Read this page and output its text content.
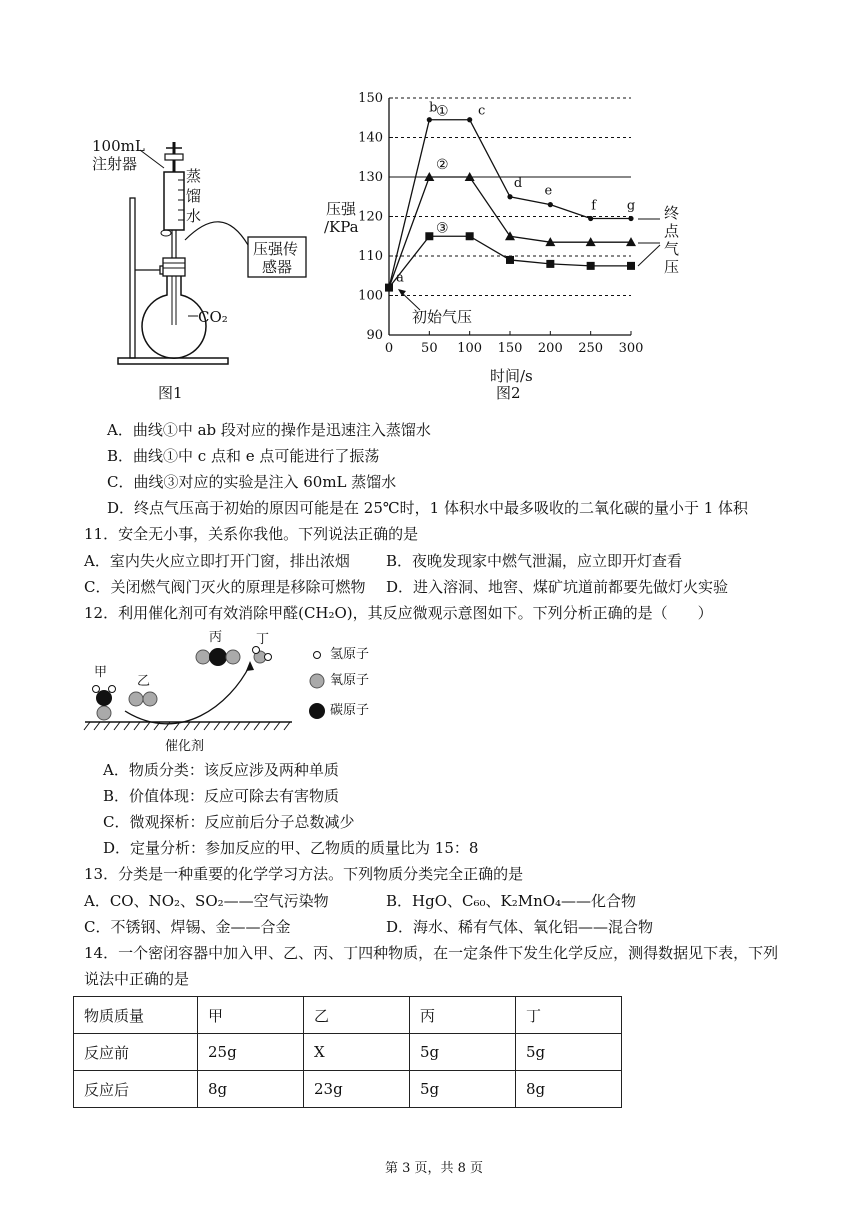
100mL
注射器
蒸
馏
水
压强传
感器
CO₂
图1
90
100
110
120
130
140
150
0 50 100 150 200 250 300
a
b	c
d
e
f g
①
②
③
压强
/KPa
时间/s
图2
初始气压
终
点
气
压
A．曲线①中 ab 段对应的操作是迅速注入蒸馏水
B．曲线①中 c 点和 e 点可能进行了振荡
C．曲线③对应的实验是注入 60mL 蒸馏水
D．终点气压高于初始的原因可能是在 25℃时，1 体积水中最多吸收的二氧化碳的量小于 1 体积
11．安全无小事，关系你我他。下列说法正确的是
A．室内失火应立即打开门窗，排出浓烟 B．夜晚发现家中燃气泄漏，应立即开灯查看
C．关闭燃气阀门灭火的原理是移除可燃物 D．进入溶洞、地窖、煤矿坑道前都要先做灯火实验
12．利用催化剂可有效消除甲醛(CH₂O)，其反应微观示意图如下。下列分析正确的是（　　）
甲
乙
丙	丁
催化剂
氢原子
氧原子
碳原子
A．物质分类：该反应涉及两种单质
B．价值体现：反应可除去有害物质
C．微观探析：反应前后分子总数减少
D．定量分析：参加反应的甲、乙物质的质量比为 15：8
13．分类是一种重要的化学学习方法。下列物质分类完全正确的是
A．CO、NO₂、SO₂——空气污染物	B．HgO、C₆₀、K₂MnO₄——化合物
C．不锈钢、焊锡、金——合金	D．海水、稀有气体、氧化铝——混合物
14．一个密闭容器中加入甲、乙、丙、丁四种物质，在一定条件下发生化学反应，测得数据见下表，下列
说法中正确的是
物质质量	甲	乙	丙	丁
反应前	25g	X	5g	5g
反应后	8g	23g	5g	8g
第 3 页，共 8 页
